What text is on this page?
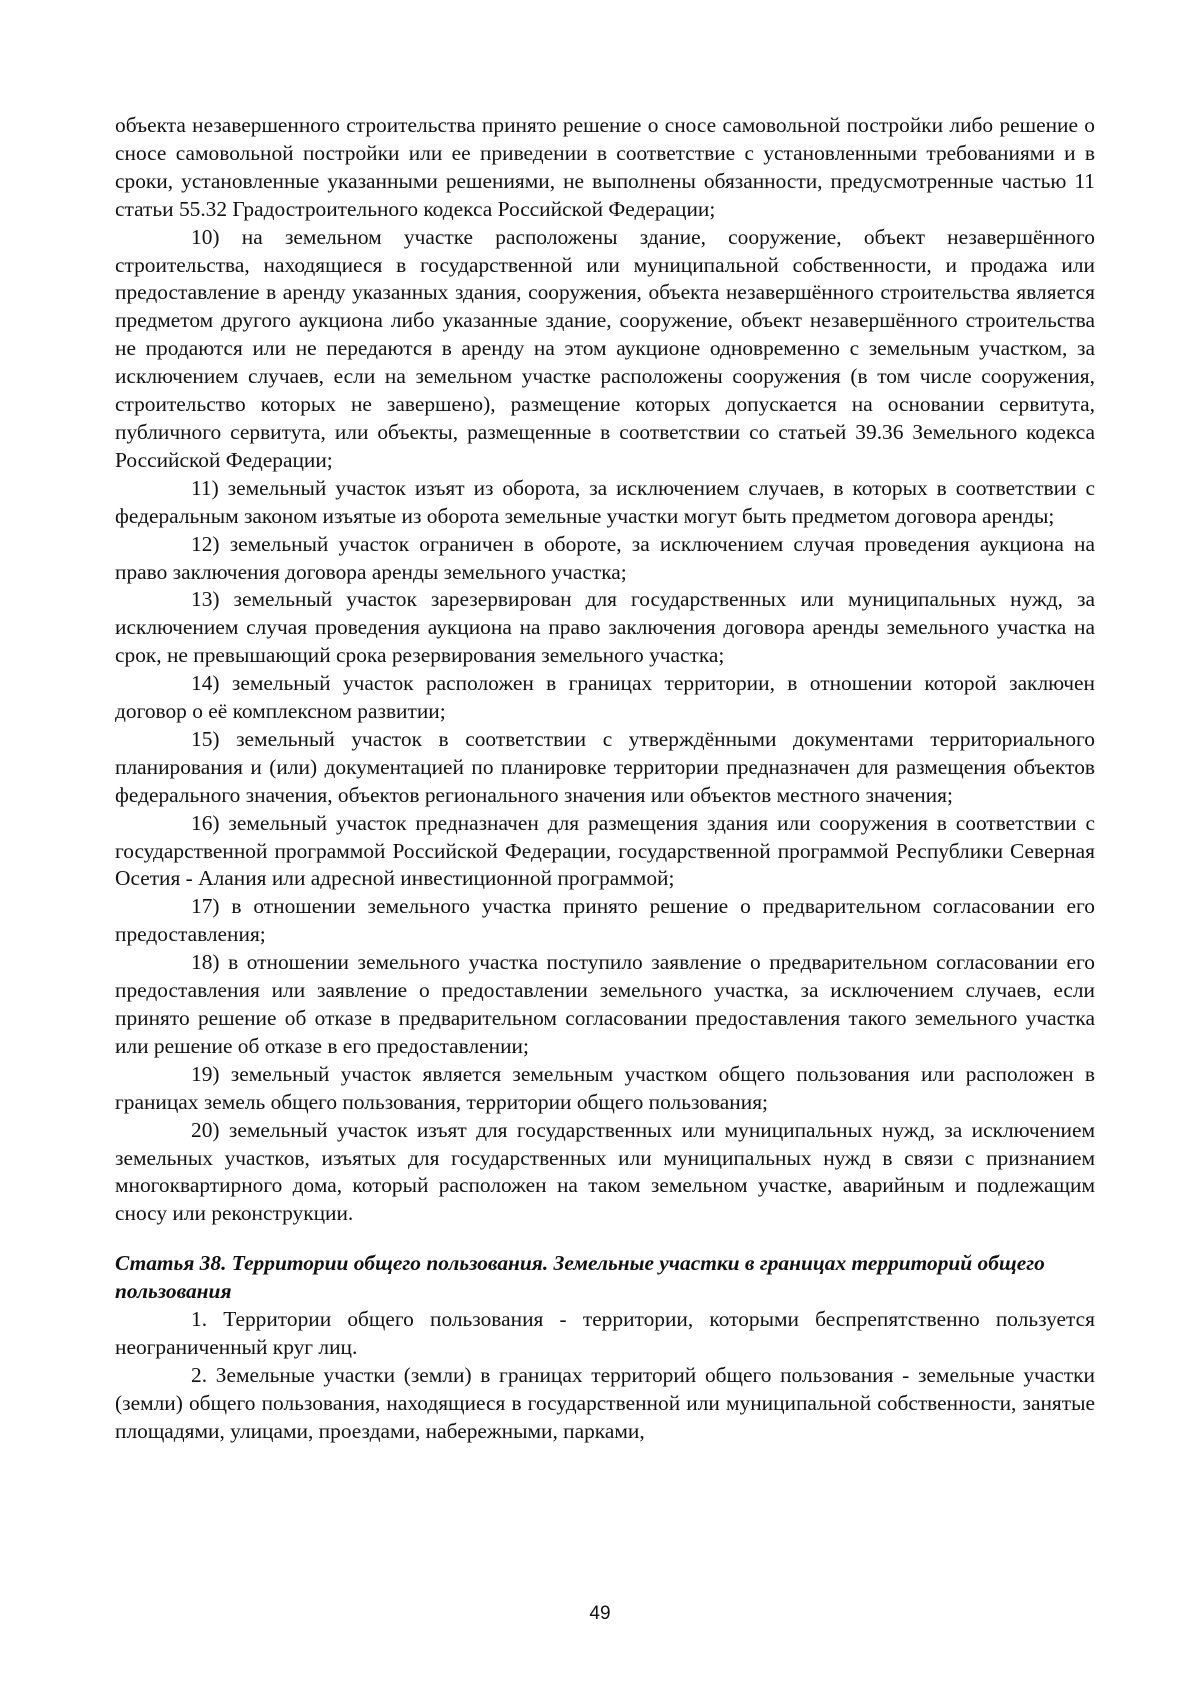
объекта незавершенного строительства принято решение о сносе самовольной постройки либо решение о сносе самовольной постройки или ее приведении в соответствие с установленными требованиями и в сроки, установленные указанными решениями, не выполнены обязанности, предусмотренные частью 11 статьи 55.32 Градостроительного кодекса Российской Федерации;

10) на земельном участке расположены здание, сооружение, объект незавершённого строительства, находящиеся в государственной или муниципальной собственности, и продажа или предоставление в аренду указанных здания, сооружения, объекта незавершённого строительства является предметом другого аукциона либо указанные здание, сооружение, объект незавершённого строительства не продаются или не передаются в аренду на этом аукционе одновременно с земельным участком, за исключением случаев, если на земельном участке расположены сооружения (в том числе сооружения, строительство которых не завершено), размещение которых допускается на основании сервитута, публичного сервитута, или объекты, размещенные в соответствии со статьей 39.36 Земельного кодекса Российской Федерации;

11) земельный участок изъят из оборота, за исключением случаев, в которых в соответствии с федеральным законом изъятые из оборота земельные участки могут быть предметом договора аренды;

12) земельный участок ограничен в обороте, за исключением случая проведения аукциона на право заключения договора аренды земельного участка;

13) земельный участок зарезервирован для государственных или муниципальных нужд, за исключением случая проведения аукциона на право заключения договора аренды земельного участка на срок, не превышающий срока резервирования земельного участка;

14) земельный участок расположен в границах территории, в отношении которой заключен договор о её комплексном развитии;

15) земельный участок в соответствии с утверждёнными документами территориального планирования и (или) документацией по планировке территории предназначен для размещения объектов федерального значения, объектов регионального значения или объектов местного значения;

16) земельный участок предназначен для размещения здания или сооружения в соответствии с государственной программой Российской Федерации, государственной программой Республики Северная Осетия - Алания или адресной инвестиционной программой;

17) в отношении земельного участка принято решение о предварительном согласовании его предоставления;

18) в отношении земельного участка поступило заявление о предварительном согласовании его предоставления или заявление о предоставлении земельного участка, за исключением случаев, если принято решение об отказе в предварительном согласовании предоставления такого земельного участка или решение об отказе в его предоставлении;

19) земельный участок является земельным участком общего пользования или расположен в границах земель общего пользования, территории общего пользования;

20) земельный участок изъят для государственных или муниципальных нужд, за исключением земельных участков, изъятых для государственных или муниципальных нужд в связи с признанием многоквартирного дома, который расположен на таком земельном участке, аварийным и подлежащим сносу или реконструкции.

Статья 38. Территории общего пользования. Земельные участки в границах территорий общего пользования

1. Территории общего пользования - территории, которыми беспрепятственно пользуется неограниченный круг лиц.

2. Земельные участки (земли) в границах территорий общего пользования - земельные участки (земли) общего пользования, находящиеся в государственной или муниципальной собственности, занятые площадями, улицами, проездами, набережными, парками,

49
